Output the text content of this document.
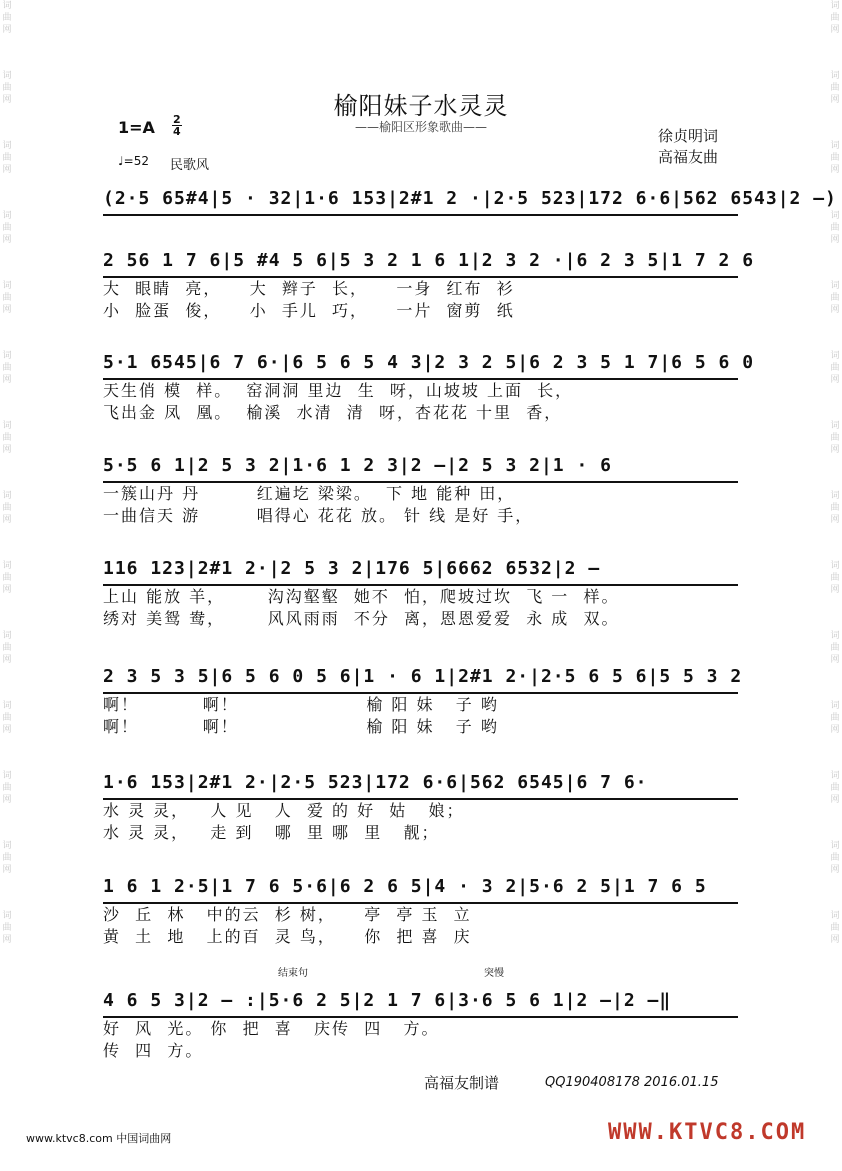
词曲网
词曲网
词曲网
词曲网
词曲网
词曲网
词曲网
词曲网
词曲网
词曲网
词曲网
词曲网
词曲网
词曲网
词曲网
词曲网
词曲网
词曲网
词曲网
词曲网
词曲网
词曲网
词曲网
词曲网
词曲网
词曲网
词曲网
词曲网
榆阳妹子水灵灵
——榆阳区形象歌曲——
1=A 2
4
♩=52 民歌风
徐贞明词
高福友曲
(2·5 65#4|5 · 32|1·6 153|2#1 2 ·|2·5 523|172 6·6|562 6543|2 –)
2 56 1 7 6|5 #4 5 6|5 3 2 1 6 1|2 3 2 ·|6 2 3 5|1 7 2 6
大  眼睛  亮，    大  辫子  长，    一身  红布  衫
小  脸蛋  俊，    小  手儿  巧，    一片  窗剪  纸
5·1 6545|6 7 6·|6 5 6 5 4 3|2 3 2 5|6 2 3 5 1 7|6 5 6 0
天生俏 模  样。  窑洞洞 里边  生  呀，山坡坡 上面  长，
飞出金 凤  凰。  榆溪  水清  清  呀，杏花花 十里  香，
5·5 6 1|2 5 3 2|1·6 1 2 3|2 –|2 5 3 2|1 · 6
一簇山丹 丹        红遍圪 梁梁。  下 地 能种 田，
一曲信天 游        唱得心 花花 放。 针 线 是好 手，
116 123|2#1 2·|2 5 3 2|176 5|6662 6532|2 –
上山 能放 羊，      沟沟壑壑  她不  怕，爬坡过坎  飞 一  样。
绣对 美鸳 鸯，      风风雨雨  不分  离，恩恩爱爱  永 成  双。
2 3 5 3 5|6 5 6 0 5 6|1 · 6 1|2#1 2·|2·5 6 5 6|5 5 3 2
啊！         啊！                  榆 阳 妹   子 哟
啊！         啊！                  榆 阳 妹   子 哟
1·6 153|2#1 2·|2·5 523|172 6·6|562 6545|6 7 6·
水 灵 灵，   人 见   人  爱 的 好  姑   娘；
水 灵 灵，   走 到   哪  里 哪  里   靓；
1 6 1 2·5|1 7 6 5·6|6 2 6 5|4 · 3 2|5·6 2 5|1 7 6 5
沙  丘  林   中的云  杉 树，    亭  亭 玉  立
黄  土  地   上的百  灵 鸟，    你  把 喜  庆
结束句	突慢
4 6 5 3|2 – :|5·6 2 5|2 1 7 6|3·6 5 6 1|2 –|2 –‖
好  风  光。 你  把  喜   庆传  四   方。
传  四  方。
高福友制谱	QQ190408178 2016.01.15
www.ktvc8.com 中国词曲网	WWW.KTVC8.COM
